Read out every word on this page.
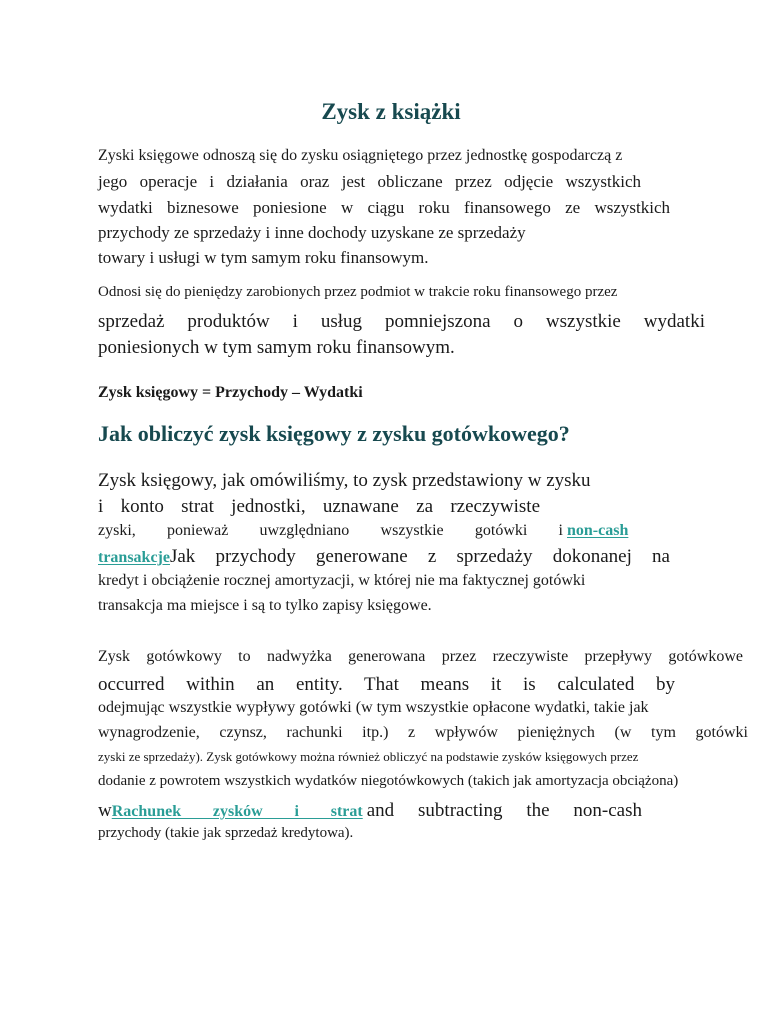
Zysk z książki
Zyski księgowe odnoszą się do zysku osiągniętego przez jednostkę gospodarczą z
jego operacje i działania oraz jest obliczane przez odjęcie wszystkich
wydatki biznesowe poniesione w ciągu roku finansowego ze wszystkich
przychody ze sprzedaży i inne dochody uzyskane ze sprzedaży
towary i usługi w tym samym roku finansowym.
Odnosi się do pieniędzy zarobionych przez podmiot w trakcie roku finansowego przez
sprzedaż produktów i usług pomniejszona o wszystkie wydatki
poniesionych w tym samym roku finansowym.
Zysk księgowy = Przychody – Wydatki
Jak obliczyć zysk księgowy z zysku gotówkowego?
Zysk księgowy, jak omówiliśmy, to zysk przedstawiony w zysku
i konto strat jednostki, uznawane za rzeczywiste
zyski, ponieważ uwzględniano wszystkie gotówki i non-cash
transakcje Jak przychody generowane z sprzedaży dokonanej na
kredyt i obciążenie rocznej amortyzacji, w której nie ma faktycznej gotówki
transakcja ma miejsce i są to tylko zapisy księgowe.
Zysk gotówkowy to nadwyżka generowana przez rzeczywiste przepływy gotówkowe
occurred within an entity. That means it is calculated by
odejmując wszystkie wypływy gotówki (w tym wszystkie opłacone wydatki, takie jak
wynagrodzenie, czynsz, rachunki itp.) z wpływów pieniężnych (w tym gotówki
zyski ze sprzedaży). Zysk gotówkowy można również obliczyć na podstawie zysków księgowych przez
dodanie z powrotem wszystkich wydatków niegotówkowych (takich jak amortyzacja obciążona)
w Rachunek zysków i strat and subtracting the non-cash
przychody (takie jak sprzedaż kredytowa).
